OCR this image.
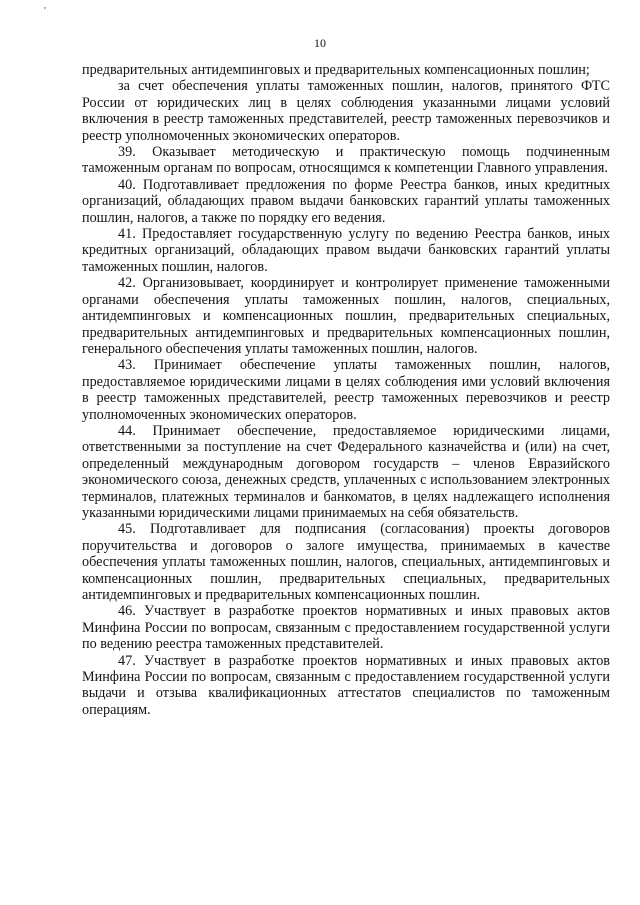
'
10

предварительных антидемпинговых и предварительных компенсационных пошлин;

за счет обеспечения уплаты таможенных пошлин, налогов, принятого ФТС России от юридических лиц в целях соблюдения указанными лицами условий включения в реестр таможенных представителей, реестр таможенных перевозчиков и реестр уполномоченных экономических операторов.

39. Оказывает методическую и практическую помощь подчиненным таможенным органам по вопросам, относящимся к компетенции Главного управления.

40. Подготавливает предложения по форме Реестра банков, иных кредитных организаций, обладающих правом выдачи банковских гарантий уплаты таможенных пошлин, налогов, а также по порядку его ведения.

41. Предоставляет государственную услугу по ведению Реестра банков, иных кредитных организаций, обладающих правом выдачи банковских гарантий уплаты таможенных пошлин, налогов.

42. Организовывает, координирует и контролирует применение таможенными органами обеспечения уплаты таможенных пошлин, налогов, специальных, антидемпинговых и компенсационных пошлин, предварительных специальных, предварительных антидемпинговых и предварительных компенсационных пошлин, генерального обеспечения уплаты таможенных пошлин, налогов.

43. Принимает обеспечение уплаты таможенных пошлин, налогов, предоставляемое юридическими лицами в целях соблюдения ими условий включения в реестр таможенных представителей, реестр таможенных перевозчиков и реестр уполномоченных экономических операторов.

44. Принимает обеспечение, предоставляемое юридическими лицами, ответственными за поступление на счет Федерального казначейства и (или) на счет, определенный международным договором государств – членов Евразийского экономического союза, денежных средств, уплаченных с использованием электронных терминалов, платежных терминалов и банкоматов, в целях надлежащего исполнения указанными юридическими лицами принимаемых на себя обязательств.

45. Подготавливает для подписания (согласования) проекты договоров поручительства и договоров о залоге имущества, принимаемых в качестве обеспечения уплаты таможенных пошлин, налогов, специальных, антидемпинговых и компенсационных пошлин, предварительных специальных, предварительных антидемпинговых и предварительных компенсационных пошлин.

46. Участвует в разработке проектов нормативных и иных правовых актов Минфина России по вопросам, связанным с предоставлением государственной услуги по ведению реестра таможенных представителей.

47. Участвует в разработке проектов нормативных и иных правовых актов Минфина России по вопросам, связанным с предоставлением государственной услуги выдачи и отзыва квалификационных аттестатов специалистов по таможенным операциям.
